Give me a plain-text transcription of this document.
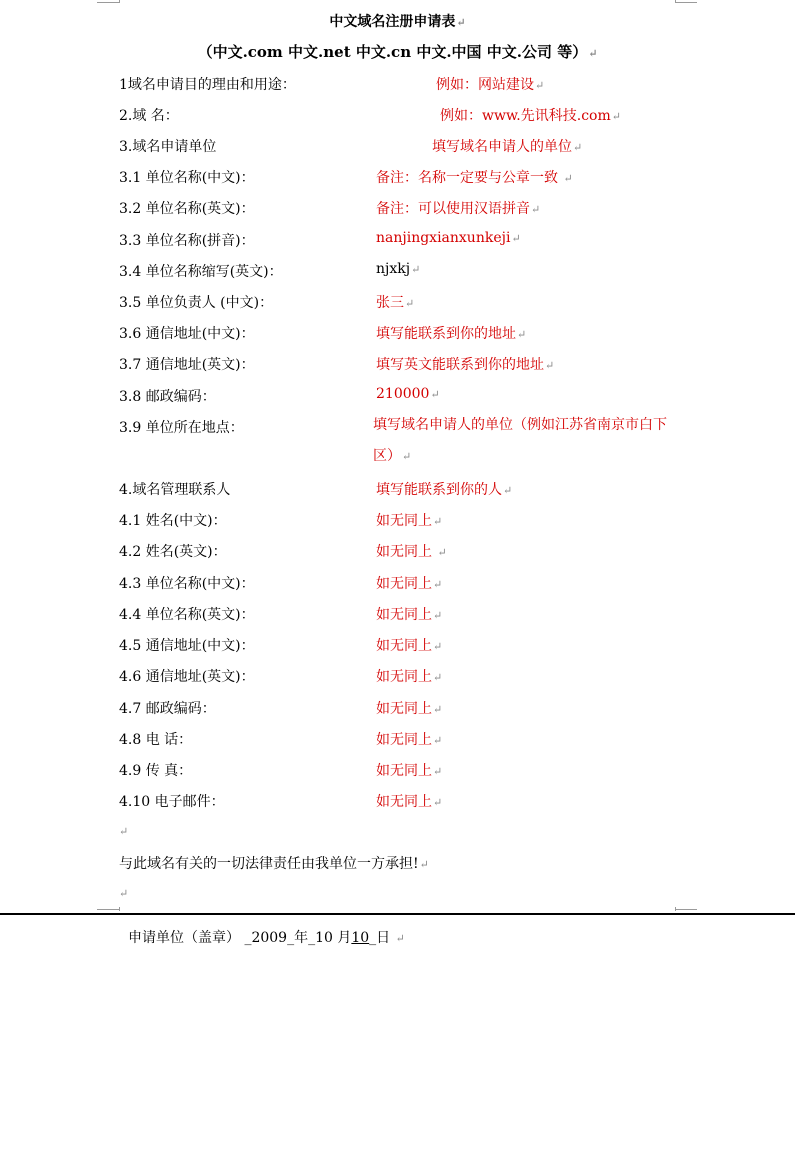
中文域名注册申请表↵
（中文.com 中文.net 中文.cn 中文.中国 中文.公司 等）↵
1域名申请目的理由和用途：	例如：网站建设↵
2.域 名：	例如：www.先讯科技.com↵
3.域名申请单位	填写域名申请人的单位↵
3.1 单位名称(中文)：	备注：名称一定要与公章一致 ↵
3.2 单位名称(英文)：	备注：可以使用汉语拼音↵
3.3 单位名称(拼音)：	nanjingxianxunkeji↵
3.4 单位名称缩写(英文)：	njxkj↵
3.5 单位负责人 (中文)：	张三↵
3.6 通信地址(中文)：	填写能联系到你的地址↵
3.7 通信地址(英文)：	填写英文能联系到你的地址↵
3.8 邮政编码：	210000↵
3.9 单位所在地点：	填写域名申请人的单位（例如江苏省南京市白下区）↵
4.域名管理联系人	填写能联系到你的人↵
4.1 姓名(中文)：	如无同上↵
4.2 姓名(英文)：	如无同上 ↵
4.3 单位名称(中文)：	如无同上↵
4.4 单位名称(英文)：	如无同上↵
4.5 通信地址(中文)：	如无同上↵
4.6 通信地址(英文)：	如无同上↵
4.7 邮政编码：	如无同上↵
4.8 电 话：	如无同上↵
4.9 传 真：	如无同上↵
4.10 电子邮件：	如无同上↵
↵
与此域名有关的一切法律责任由我单位一方承担!↵
↵
申请单位（盖章） _2009_年_10 月10_日 ↵
